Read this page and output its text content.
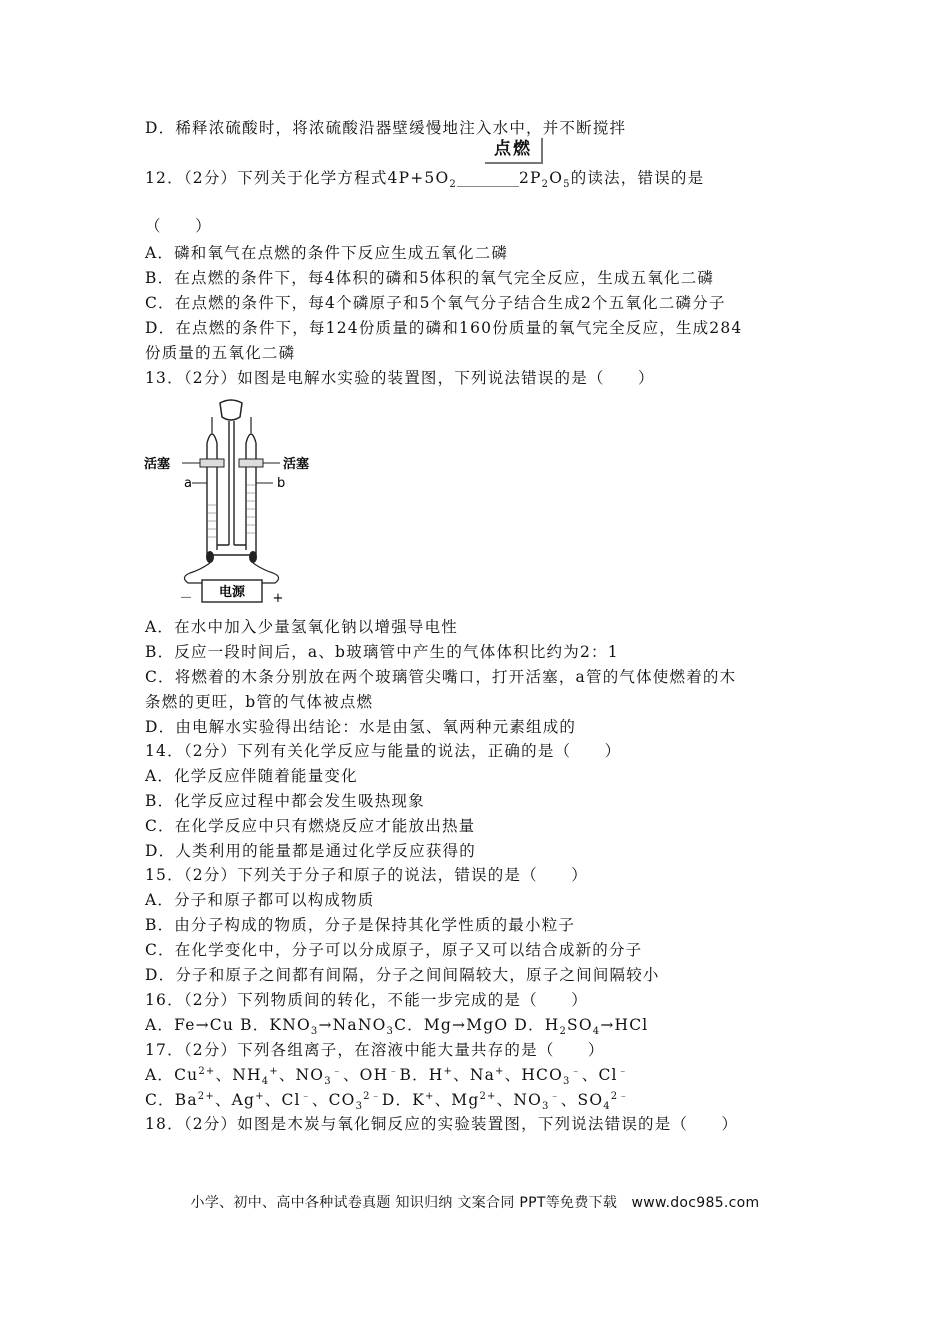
D．稀释浓硫酸时，将浓硫酸沿器壁缓慢地注入水中，并不断搅拌
12．（2分）下列关于化学方程式$4P+5O_2$	$2P_2O_5$的读法，错误的是
点燃
（　　）
A．磷和氧气在点燃的条件下反应生成五氧化二磷
B．在点燃的条件下，每4体积的磷和5体积的氧气完全反应，生成五氧化二磷
C．在点燃的条件下，每4个磷原子和5个氧气分子结合生成2个五氧化二磷分子
D．在点燃的条件下，每124份质量的磷和160份质量的氧气完全反应，生成284
份质量的五氧化二磷
13．（2分）如图是电解水实验的装置图，下列说法错误的是（　　）
电源
－	+
活塞	活塞
a	b
A．在水中加入少量氢氧化钠以增强导电性
B．反应一段时间后，a、b玻璃管中产生的气体体积比约为2：1
C．将燃着的木条分别放在两个玻璃管尖嘴口，打开活塞，a管的气体使燃着的木
条燃的更旺，b管的气体被点燃
D．由电解水实验得出结论：水是由氢、氧两种元素组成的
14．（2分）下列有关化学反应与能量的说法，正确的是（　　）
A．化学反应伴随着能量变化
B．化学反应过程中都会发生吸热现象
C．在化学反应中只有燃烧反应才能放出热量
D．人类利用的能量都是通过化学反应获得的
15．（2分）下列关于分子和原子的说法，错误的是（　　）
A．分子和原子都可以构成物质
B．由分子构成的物质，分子是保持其化学性质的最小粒子
C．在化学变化中，分子可以分成原子，原子又可以结合成新的分子
D．分子和原子之间都有间隔，分子之间间隔较大，原子之间间隔较小
16．（2分）下列物质间的转化，不能一步完成的是（　　）
A．Fe→Cu B．$KNO_3\to NaNO_3C$．Mg→MgO D．$H_2SO_4\to HCl$
17．（2分）下列各组离子，在溶液中能大量共存的是（　　）
A．$Cu^{2+}$、$NH_4^+$、$NO_3^﹣$、OH﹣B．H+、Na+、$HCO_3^﹣$、Cl﹣
C．$Ba^{2+}$、Ag+、Cl﹣、$CO_3^{2﹣}D$．K+、$Mg^{2+}$、$NO_3^﹣$、$SO_4^{2﹣}$
18．（2分）如图是木炭与氧化铜反应的实验装置图，下列说法错误的是（　　）
小学、初中、高中各种试卷真题 知识归纳 文案合同 PPT等免费下载　www.doc985.com
